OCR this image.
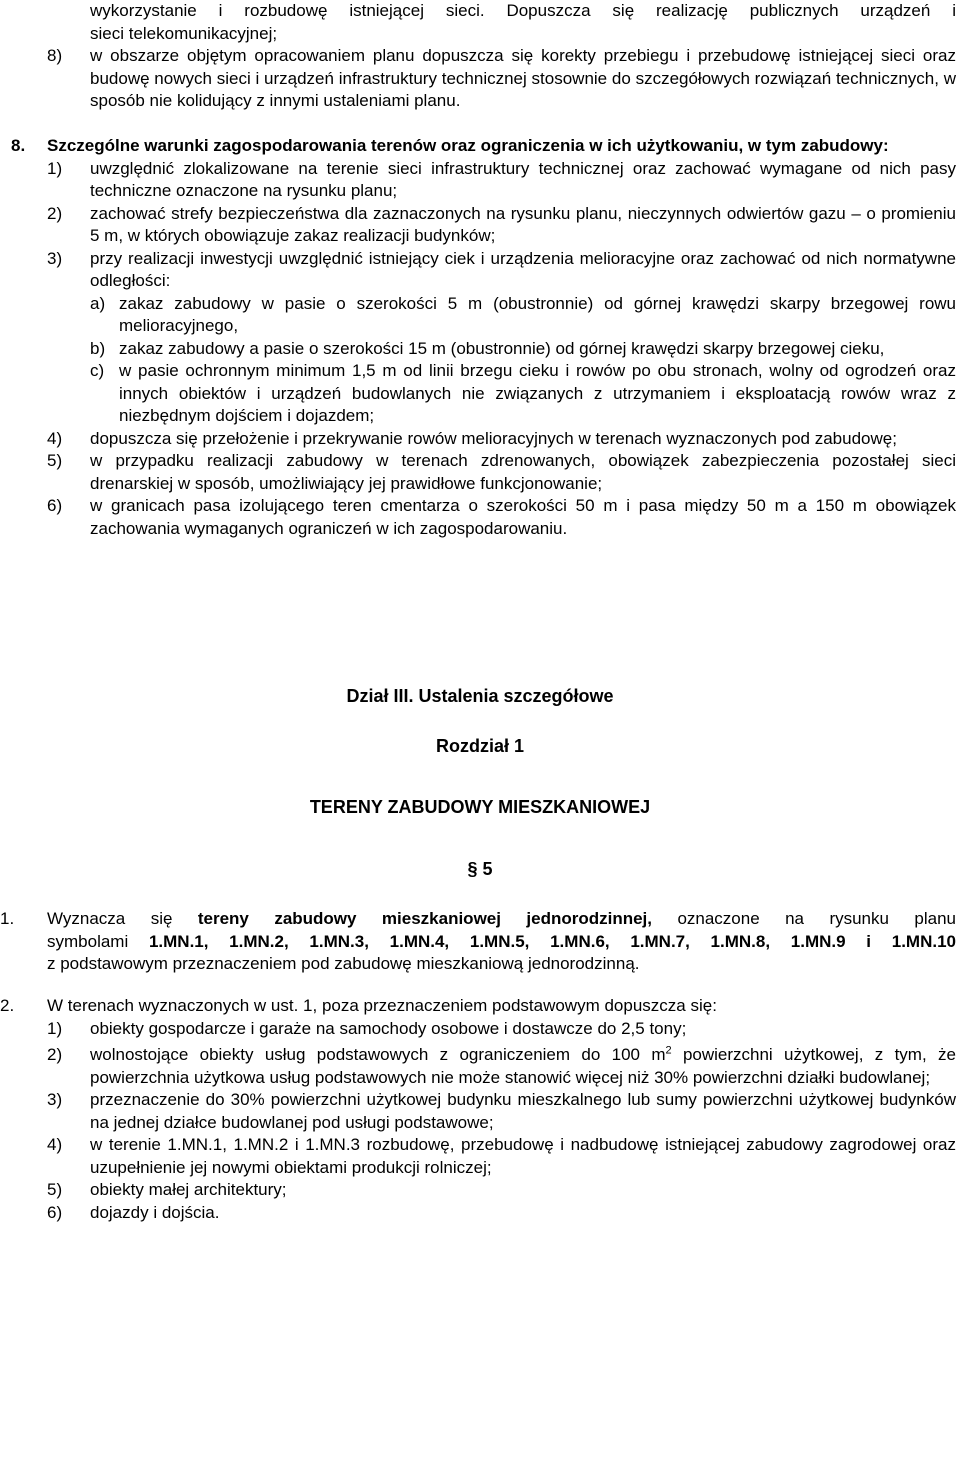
wykorzystanie i rozbudowę istniejącej sieci. Dopuszcza się realizację publicznych urządzeń i
sieci telekomunikacyjnej;
8) w obszarze objętym opracowaniem planu dopuszcza się korekty przebiegu i przebudowę istniejącej sieci oraz budowę nowych sieci i urządzeń infrastruktury technicznej stosownie do szczegółowych rozwiązań technicznych, w sposób nie kolidujący z innymi ustaleniami planu.
8. Szczególne warunki zagospodarowania terenów oraz ograniczenia w ich użytkowaniu, w tym zabudowy:
1) uwzględnić zlokalizowane na terenie sieci infrastruktury technicznej oraz zachować wymagane od nich pasy techniczne oznaczone na rysunku planu;
2) zachować strefy bezpieczeństwa dla zaznaczonych na rysunku planu, nieczynnych odwiertów gazu – o promieniu 5 m, w których obowiązuje zakaz realizacji budynków;
3) przy realizacji inwestycji uwzględnić istniejący ciek i urządzenia melioracyjne oraz zachować od nich normatywne odległości:
a) zakaz zabudowy w pasie o szerokości 5 m (obustronnie) od górnej krawędzi skarpy brzegowej rowu melioracyjnego,
b) zakaz zabudowy a pasie o szerokości 15 m (obustronnie) od górnej krawędzi skarpy brzegowej cieku,
c) w pasie ochronnym minimum 1,5 m od linii brzegu cieku i rowów po obu stronach, wolny od ogrodzeń oraz innych obiektów i urządzeń budowlanych nie związanych z utrzymaniem i eksploatacją rowów wraz z niezbędnym dojściem i dojazdem;
4) dopuszcza się przełożenie i przekrywanie rowów melioracyjnych w terenach wyznaczonych pod zabudowę;
5) w przypadku realizacji zabudowy w terenach zdrenowanych, obowiązek zabezpieczenia pozostałej sieci drenarskiej w sposób, umożliwiający jej prawidłowe funkcjonowanie;
6) w granicach pasa izolującego teren cmentarza o szerokości 50 m i pasa między 50 m a 150 m obowiązek zachowania wymaganych ograniczeń w ich zagospodarowaniu.
Dział III. Ustalenia szczegółowe
Rozdział 1
TERENY ZABUDOWY MIESZKANIOWEJ
§ 5
1. Wyznacza się tereny zabudowy mieszkaniowej jednorodzinnej, oznaczone na rysunku planu
symbolami 1.MN.1, 1.MN.2, 1.MN.3, 1.MN.4, 1.MN.5, 1.MN.6, 1.MN.7, 1.MN.8, 1.MN.9 i 1.MN.10
z podstawowym przeznaczeniem pod zabudowę mieszkaniową jednorodzinną.
2. W terenach wyznaczonych w ust. 1, poza przeznaczeniem podstawowym dopuszcza się:
1) obiekty gospodarcze i garaże na samochody osobowe i dostawcze do 2,5 tony;
2) wolnostojące obiekty usług podstawowych z ograniczeniem do 100 $m^2$ powierzchni użytkowej, z tym, że powierzchnia użytkowa usług podstawowych nie może stanowić więcej niż 30% powierzchni działki budowlanej;
3) przeznaczenie do 30% powierzchni użytkowej budynku mieszkalnego lub sumy powierzchni użytkowej budynków na jednej działce budowlanej pod usługi podstawowe;
4) w terenie 1.MN.1, 1.MN.2 i 1.MN.3 rozbudowę, przebudowę i nadbudowę istniejącej zabudowy zagrodowej oraz uzupełnienie jej nowymi obiektami produkcji rolniczej;
5) obiekty małej architektury;
6) dojazdy i dojścia.
